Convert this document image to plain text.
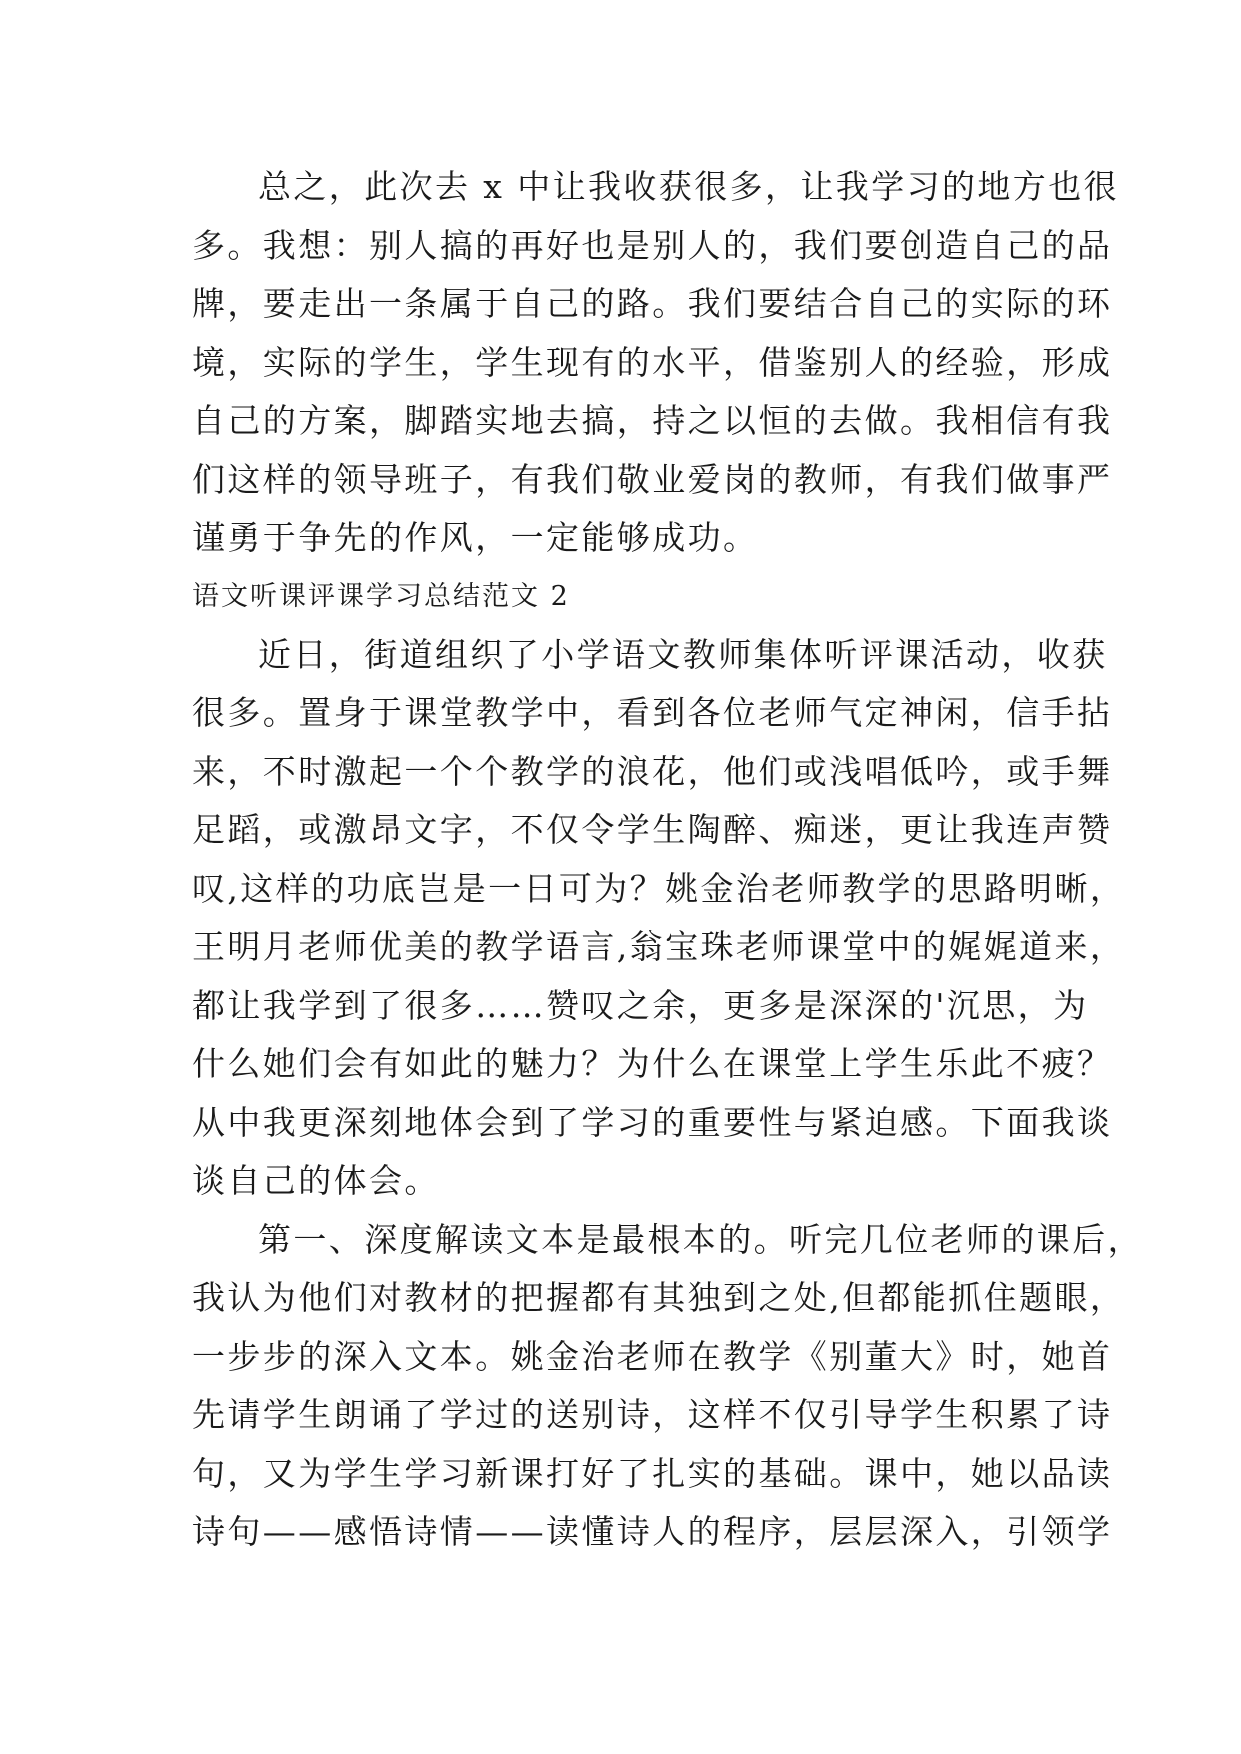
总之，此次去 x 中让我收获很多，让我学习的地方也很
多。我想：别人搞的再好也是别人的，我们要创造自己的品
牌，要走出一条属于自己的路。我们要结合自己的实际的环
境，实际的学生，学生现有的水平，借鉴别人的经验，形成
自己的方案，脚踏实地去搞，持之以恒的去做。我相信有我
们这样的领导班子，有我们敬业爱岗的教师，有我们做事严
谨勇于争先的作风，一定能够成功。

语文听课评课学习总结范文 2

近日，街道组织了小学语文教师集体听评课活动，收获
很多。置身于课堂教学中，看到各位老师气定神闲，信手拈
来，不时激起一个个教学的浪花，他们或浅唱低吟，或手舞
足蹈，或激昂文字，不仅令学生陶醉、痴迷，更让我连声赞
叹,这样的功底岂是一日可为？姚金治老师教学的思路明晰，
王明月老师优美的教学语言,翁宝珠老师课堂中的娓娓道来，
都让我学到了很多……赞叹之余，更多是深深的'沉思，为
什么她们会有如此的魅力？为什么在课堂上学生乐此不疲？
从中我更深刻地体会到了学习的重要性与紧迫感。下面我谈
谈自己的体会。

第一、深度解读文本是最根本的。听完几位老师的课后，
我认为他们对教材的把握都有其独到之处,但都能抓住题眼，
一步步的深入文本。姚金治老师在教学《别董大》时，她首
先请学生朗诵了学过的送别诗，这样不仅引导学生积累了诗
句，又为学生学习新课打好了扎实的基础。课中，她以品读
诗句——感悟诗情——读懂诗人的程序，层层深入，引领学
